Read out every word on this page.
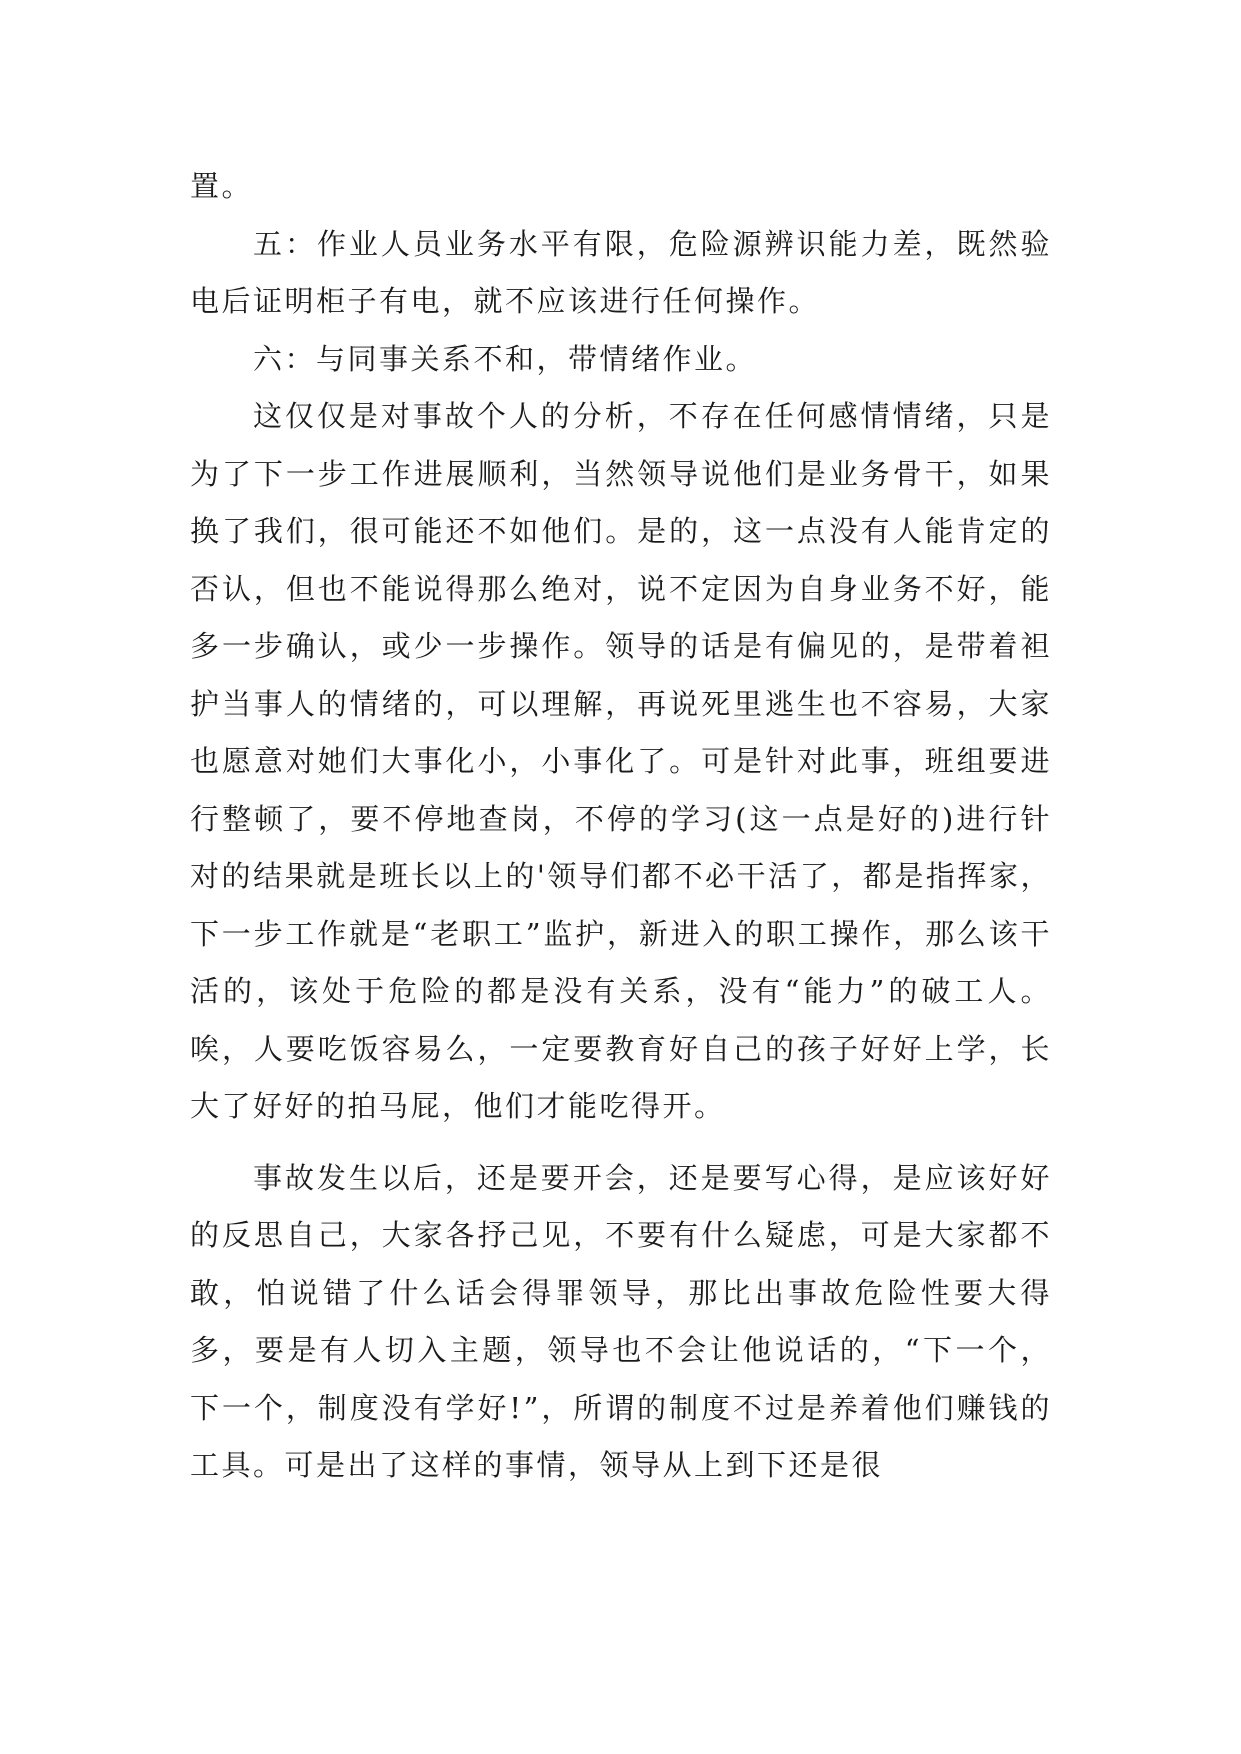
置。

五：作业人员业务水平有限，危险源辨识能力差，既然验电后证明柜子有电，就不应该进行任何操作。

六：与同事关系不和，带情绪作业。

这仅仅是对事故个人的分析，不存在任何感情情绪，只是为了下一步工作进展顺利，当然领导说他们是业务骨干，如果换了我们，很可能还不如他们。是的，这一点没有人能肯定的否认，但也不能说得那么绝对，说不定因为自身业务不好，能多一步确认，或少一步操作。领导的话是有偏见的，是带着袒护当事人的情绪的，可以理解，再说死里逃生也不容易，大家也愿意对她们大事化小，小事化了。可是针对此事，班组要进行整顿了，要不停地查岗，不停的学习(这一点是好的)进行针对的结果就是班长以上的'领导们都不必干活了，都是指挥家，下一步工作就是“老职工”监护，新进入的职工操作，那么该干活的，该处于危险的都是没有关系，没有“能力”的破工人。唉，人要吃饭容易么，一定要教育好自己的孩子好好上学，长大了好好的拍马屁，他们才能吃得开。

事故发生以后，还是要开会，还是要写心得，是应该好好的反思自己，大家各抒己见，不要有什么疑虑，可是大家都不敢，怕说错了什么话会得罪领导，那比出事故危险性要大得多，要是有人切入主题，领导也不会让他说话的，“下一个，下一个，制度没有学好!”，所谓的制度不过是养着他们赚钱的工具。可是出了这样的事情，领导从上到下还是很
